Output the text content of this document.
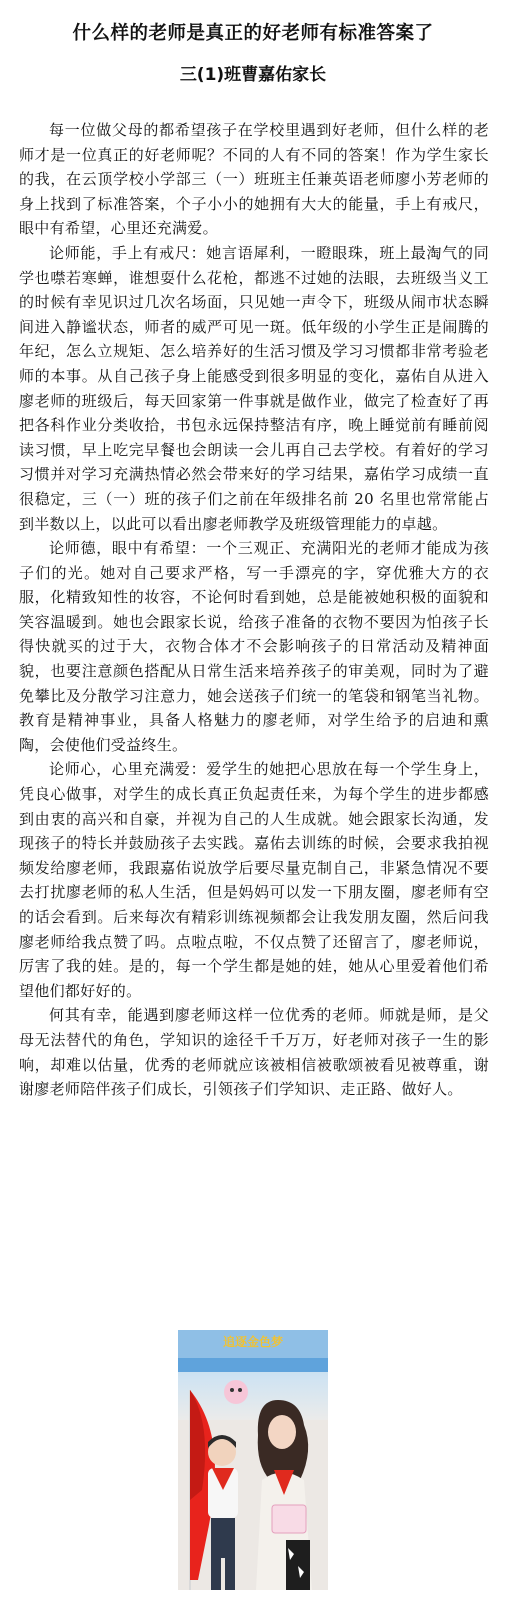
什么样的老师是真正的好老师有标准答案了
三(1)班曹嘉佑家长

每一位做父母的都希望孩子在学校里遇到好老师，但什么样的老师才是一位真正的好老师呢？不同的人有不同的答案！作为学生家长的我，在云顶学校小学部三（一）班班主任兼英语老师廖小芳老师的身上找到了标准答案，个子小小的她拥有大大的能量，手上有戒尺，眼中有希望，心里还充满爱。

论师能，手上有戒尺：她言语犀利，一瞪眼珠，班上最淘气的同学也噤若寒蝉，谁想耍什么花枪，都逃不过她的法眼，去班级当义工的时候有幸见识过几次名场面，只见她一声令下，班级从闹市状态瞬间进入静谧状态，师者的威严可见一斑。低年级的小学生正是闹腾的年纪，怎么立规矩、怎么培养好的生活习惯及学习习惯都非常考验老师的本事。从自己孩子身上能感受到很多明显的变化，嘉佑自从进入廖老师的班级后，每天回家第一件事就是做作业，做完了检查好了再把各科作业分类收拾，书包永远保持整洁有序，晚上睡觉前有睡前阅读习惯，早上吃完早餐也会朗读一会儿再自己去学校。有着好的学习习惯并对学习充满热情必然会带来好的学习结果，嘉佑学习成绩一直很稳定，三（一）班的孩子们之前在年级排名前 20 名里也常常能占到半数以上，以此可以看出廖老师教学及班级管理能力的卓越。

论师德，眼中有希望：一个三观正、充满阳光的老师才能成为孩子们的光。她对自己要求严格，写一手漂亮的字，穿优雅大方的衣服，化精致知性的妆容，不论何时看到她，总是能被她积极的面貌和笑容温暖到。她也会跟家长说，给孩子准备的衣物不要因为怕孩子长得快就买的过于大，衣物合体才不会影响孩子的日常活动及精神面貌，也要注意颜色搭配从日常生活来培养孩子的审美观，同时为了避免攀比及分散学习注意力，她会送孩子们统一的笔袋和钢笔当礼物。教育是精神事业，具备人格魅力的廖老师，对学生给予的启迪和熏陶，会使他们受益终生。

论师心，心里充满爱：爱学生的她把心思放在每一个学生身上，凭良心做事，对学生的成长真正负起责任来，为每个学生的进步都感到由衷的高兴和自豪，并视为自己的人生成就。她会跟家长沟通，发现孩子的特长并鼓励孩子去实践。嘉佑去训练的时候，会要求我拍视频发给廖老师，我跟嘉佑说放学后要尽量克制自己，非紧急情况不要去打扰廖老师的私人生活，但是妈妈可以发一下朋友圈，廖老师有空的话会看到。后来每次有精彩训练视频都会让我发朋友圈，然后问我廖老师给我点赞了吗。点啦点啦，不仅点赞了还留言了，廖老师说，厉害了我的娃。是的，每一个学生都是她的娃，她从心里爱着他们希望他们都好好的。

何其有幸，能遇到廖老师这样一位优秀的老师。师就是师，是父母无法替代的角色，学知识的途径千千万万，好老师对孩子一生的影响，却难以估量，优秀的老师就应该被相信被歌颂被看见被尊重，谢谢廖老师陪伴孩子们成长，引领孩子们学知识、走正路、做好人。

追逐金色梦
